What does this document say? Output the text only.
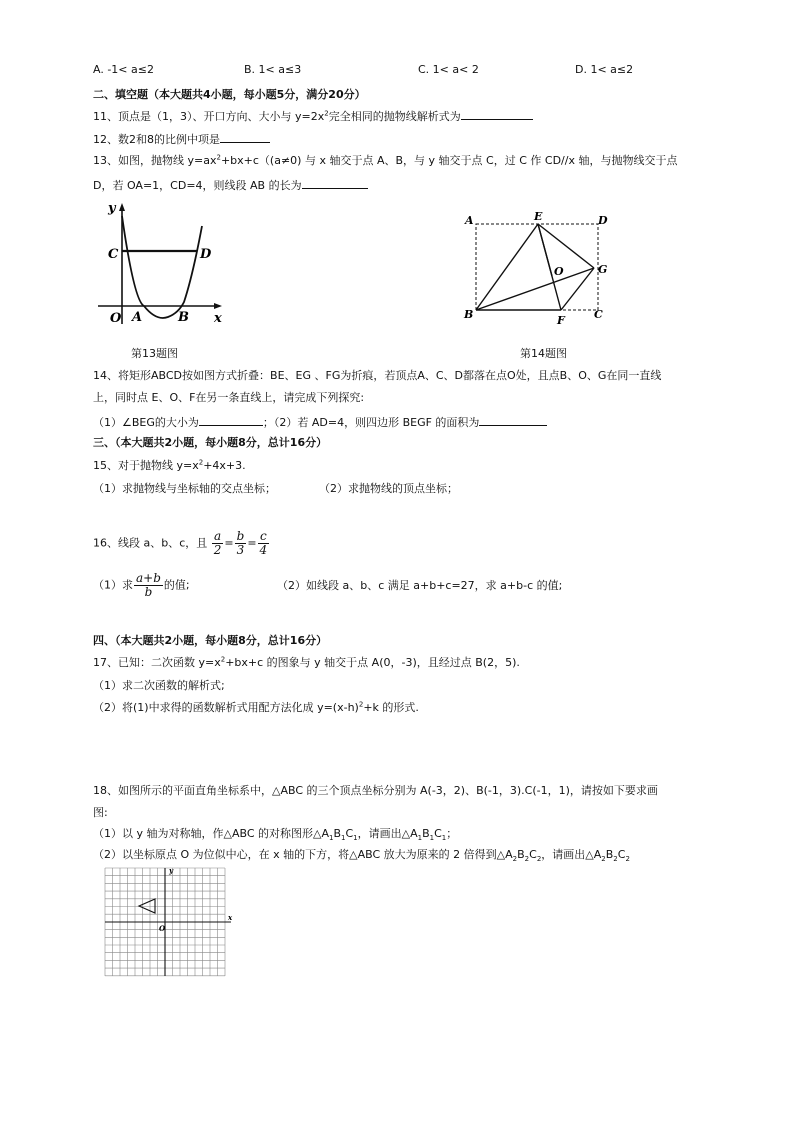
A. -1< a≤2	B. 1< a≤3	C. 1< a< 2	D. 1< a≤2
二、填空题（本大题共4小题，每小题5分，满分20分）
11、顶点是（1，3）、开口方向、大小与 $y=2x^2$完全相同的抛物线解析式为
12、数2和8的比例中项是
13、如图，抛物线 $y=ax^2+bx+c((a\ne 0)$ 与 x 轴交于点 A、B，与 y 轴交于点 C，过 C 作 CD//x 轴，与抛物线交于点
D，若 OA=1，CD=4，则线段 AB 的长为
y
x
O A	B
C	D
第13题图
A
B	C
D
E
F
G
O
第14题图
14、将矩形ABCD按如图方式折叠：BE、EG 、FG为折痕，若顶点A、C、D都落在点O处，且点B、O、G在同一直线
上，同时点 E、O、F在另一条直线上，请完成下列探究:
（1）∠BEG的大小为	；（2）若 AD=4，则四边形 BEGF 的面积为
三、（本大题共2小题，每小题8分，总计16分）
15、对于抛物线 $y=x^2+4x+3$.
（1）求抛物线与坐标轴的交点坐标；	（2）求抛物线的顶点坐标；
16、线段 a、b、c，且 $\frac{a}{2} = \frac{b}{3} = \frac{c}{4}$
（1）求 $\frac{a+b}{b}$ 的值;	（2）如线段 a、b、c 满足 a+b+c=27，求 a+b-c 的值;
四、（本大题共2小题，每小题8分，总计16分）
17、已知：二次函数 $y=x^2+bx+c$ 的图象与 y 轴交于点 A(0，-3)，且经过点 B(2，5).
（1）求二次函数的解析式;
（2）将(1)中求得的函数解析式用配方法化成 $y=(x-h)^2+k$ 的形式.
18、如图所示的平面直角坐标系中，△ABC 的三个顶点坐标分别为 A(-3，2)、B(-1，3).C(-1，1)，请按如下要求画
图:
（1）以 y 轴为对称轴，作△ABC 的对称图形$\triangle A_1B_1C_1$，请画出$\triangle A_1B_1C_1$；
（2）以坐标原点 O 为位似中心，在 x 轴的下方，将△ABC 放大为原来的 2 倍得到$\triangle A_2B_2C_2$，请画出$\triangle A_2B_2C_2$
y
x
O
